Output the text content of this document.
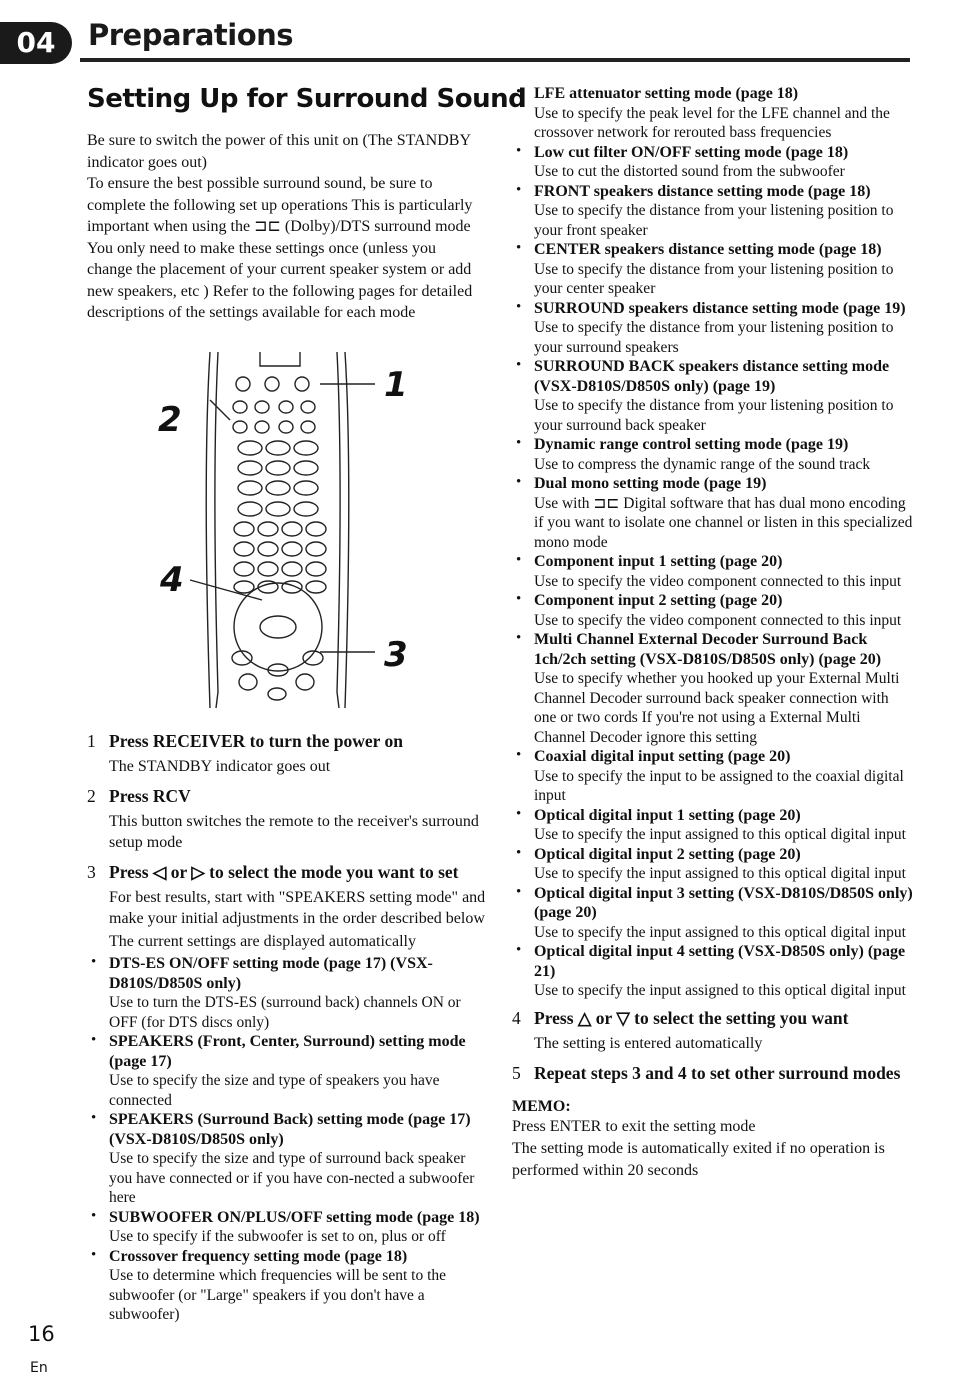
04	Preparations
Setting Up for Surround Sound
Be sure to switch the power of this unit on (The STANDBY indicator goes out)
To ensure the best possible surround sound, be sure to complete the following set up operations This is particularly important when using the ⊐⊏ (Dolby)/DTS surround mode You only need to make these settings once (unless you change the placement of your current speaker system or add new speakers, etc ) Refer to the following pages for detailed descriptions of the settings available for each mode
1
2
4
3
1 Press RECEIVER to turn the power on
The STANDBY indicator goes out
2 Press RCV
This button switches the remote to the receiver's surround setup mode
3 Press ◁ or ▷ to select the mode you want to set

For best results, start with "SPEAKERS setting mode" and make your initial adjustments in the order described below

The current settings are displayed automatically

• DTS-ES ON/OFF setting mode (page 17) (VSX-D810S/D850S only)
Use to turn the DTS-ES (surround back) channels ON or OFF (for DTS discs only)
• SPEAKERS (Front, Center, Surround) setting mode (page 17)
Use to specify the size and type of speakers you have connected
• SPEAKERS (Surround Back) setting mode (page 17) (VSX-D810S/D850S only)
Use to specify the size and type of surround back speaker you have connected or if you have con-nected a subwoofer here
• SUBWOOFER ON/PLUS/OFF setting mode (page 18)
Use to specify if the subwoofer is set to on, plus or off
• Crossover frequency setting mode (page 18)
Use to determine which frequencies will be sent to the subwoofer (or "Large" speakers if you don't have a subwoofer)
• LFE attenuator setting mode (page 18)
Use to specify the peak level for the LFE channel and the crossover network for rerouted bass frequencies
• Low cut filter ON/OFF setting mode (page 18)
Use to cut the distorted sound from the subwoofer
• FRONT speakers distance setting mode (page 18)
Use to specify the distance from your listening position to your front speaker
• CENTER speakers distance setting mode (page 18)
Use to specify the distance from your listening position to your center speaker
• SURROUND speakers distance setting mode (page 19)
Use to specify the distance from your listening position to your surround speakers
• SURROUND BACK speakers distance setting mode (VSX-D810S/D850S only) (page 19)
Use to specify the distance from your listening position to your surround back speaker
• Dynamic range control setting mode (page 19)
Use to compress the dynamic range of the sound track
• Dual mono setting mode (page 19)
Use with ⊐⊏ Digital software that has dual mono encoding if you want to isolate one channel or listen in this specialized mono mode
• Component input 1 setting (page 20)
Use to specify the video component connected to this input
• Component input 2 setting (page 20)
Use to specify the video component connected to this input
• Multi Channel External Decoder Surround Back 1ch/2ch setting (VSX-D810S/D850S only) (page 20)
Use to specify whether you hooked up your External Multi Channel Decoder surround back speaker connection with one or two cords If you're not using a External Multi Channel Decoder ignore this setting
• Coaxial digital input setting (page 20)
Use to specify the input to be assigned to the coaxial digital input
• Optical digital input 1 setting (page 20)
Use to specify the input assigned to this optical digital input
• Optical digital input 2 setting (page 20)
Use to specify the input assigned to this optical digital input
• Optical digital input 3 setting (VSX-D810S/D850S only) (page 20)
Use to specify the input assigned to this optical digital input
• Optical digital input 4 setting (VSX-D850S only) (page 21)
Use to specify the input assigned to this optical digital input
4 Press △ or ▽ to select the setting you want
The setting is entered automatically
5 Repeat steps 3 and 4 to set other surround modes
MEMO:
Press ENTER to exit the setting mode
The setting mode is automatically exited if no operation is performed within 20 seconds
16
En
